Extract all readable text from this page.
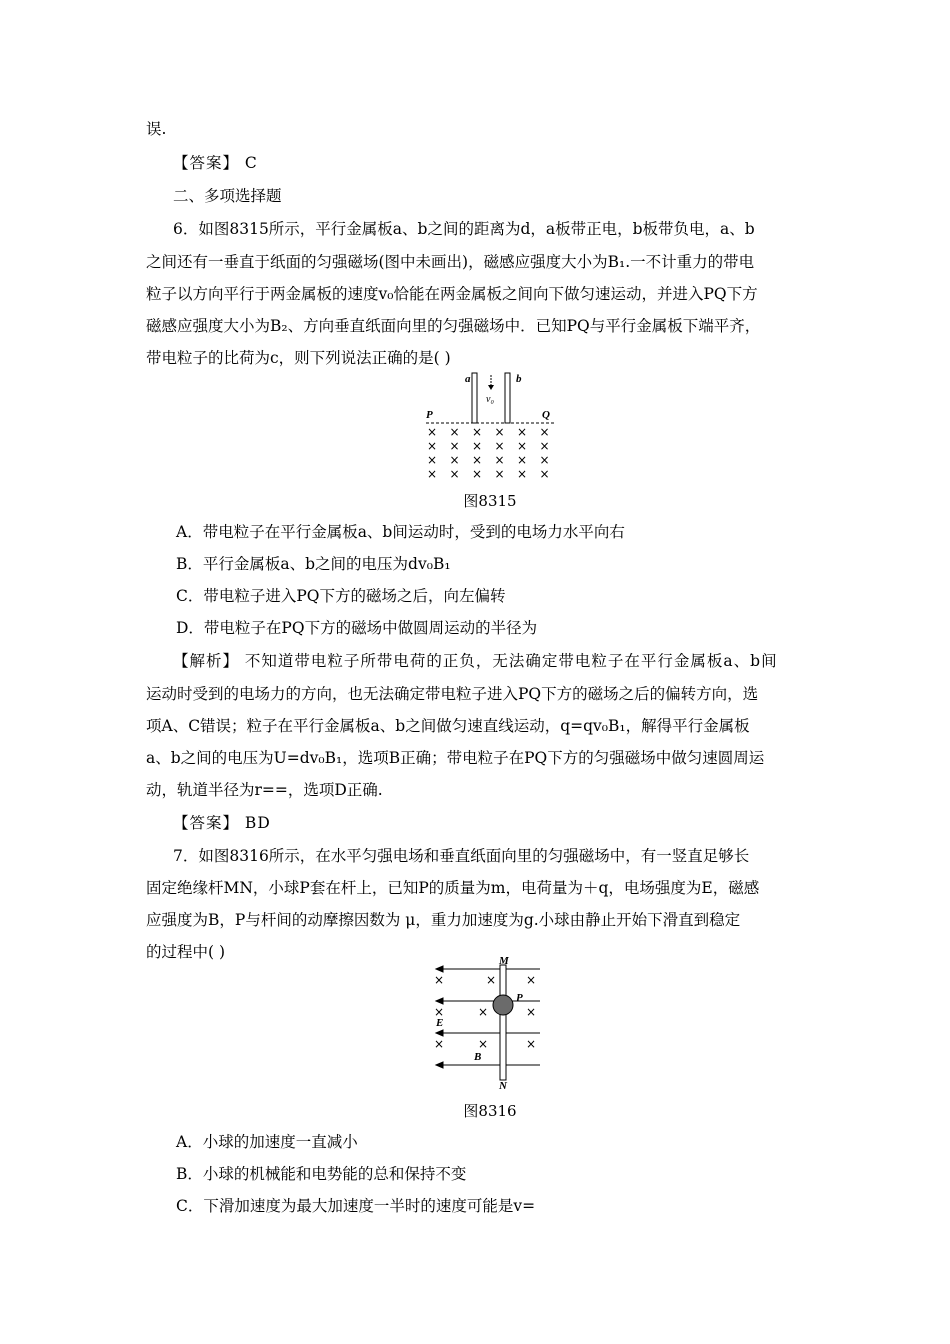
误.
【答案】 C
二、多项选择题
6．如图8315所示，平行金属板a、b之间的距离为d，a板带正电，b板带负电，a、b
之间还有一垂直于纸面的匀强磁场(图中未画出)，磁感应强度大小为B₁.一不计重力的带电
粒子以方向平行于两金属板的速度v₀恰能在两金属板之间向下做匀速运动，并进入PQ下方
磁感应强度大小为B₂、方向垂直纸面向里的匀强磁场中．已知PQ与平行金属板下端平齐，
带电粒子的比荷为c，则下列说法正确的是( )
a	b
v₀
P	Q
× × × × × ×
× × × × × ×
× × × × × ×
× × × × × ×
图8315
A．带电粒子在平行金属板a、b间运动时，受到的电场力水平向右
B．平行金属板a、b之间的电压为dv₀B₁
C．带电粒子进入PQ下方的磁场之后，向左偏转
D．带电粒子在PQ下方的磁场中做圆周运动的半径为
【解析】 不知道带电粒子所带电荷的正负，无法确定带电粒子在平行金属板a、b间
运动时受到的电场力的方向，也无法确定带电粒子进入PQ下方的磁场之后的偏转方向，选
项A、C错误；粒子在平行金属板a、b之间做匀速直线运动，q=qv₀B₁，解得平行金属板
a、b之间的电压为U=dv₀B₁，选项B正确；带电粒子在PQ下方的匀强磁场中做匀速圆周运
动，轨道半径为r==，选项D正确.
【答案】 BD
7．如图8316所示，在水平匀强电场和垂直纸面向里的匀强磁场中，有一竖直足够长
固定绝缘杆MN，小球P套在杆上，已知P的质量为m，电荷量为＋q，电场强度为E，磁感
应强度为B，P与杆间的动摩擦因数为 μ，重力加速度为g.小球由静止开始下滑直到稳定
的过程中( )	M
N
P
E
B
×	× ×
×	×	×
×	×	×
图8316
A．小球的加速度一直减小
B．小球的机械能和电势能的总和保持不变
C．下滑加速度为最大加速度一半时的速度可能是v=
